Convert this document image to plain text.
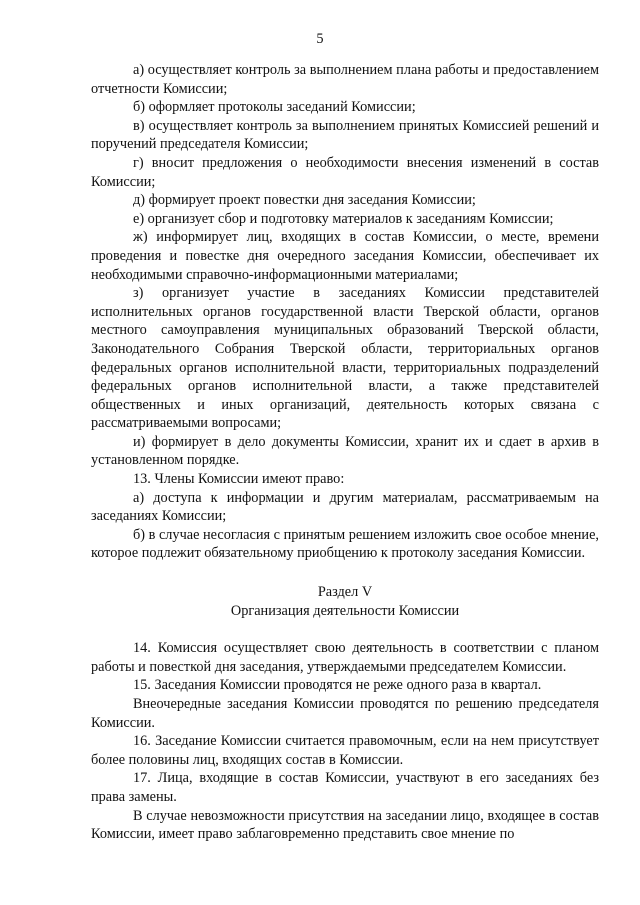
5

а) осуществляет контроль за выполнением плана работы и предоставлением отчетности Комиссии;

б) оформляет протоколы заседаний Комиссии;

в) осуществляет контроль за выполнением принятых Комиссией решений и поручений председателя Комиссии;

г) вносит предложения о необходимости внесения изменений в состав Комиссии;

д) формирует проект повестки дня заседания Комиссии;

е) организует сбор и подготовку материалов к заседаниям Комиссии;

ж) информирует лиц, входящих в состав Комиссии, о месте, времени проведения и повестке дня очередного заседания Комиссии, обеспечивает их необходимыми справочно-информационными материалами;

з) организует участие в заседаниях Комиссии представителей исполнительных органов государственной власти Тверской области, органов местного самоуправления муниципальных образований Тверской области, Законодательного Собрания Тверской области, территориальных органов федеральных органов исполнительной власти, территориальных подразделений федеральных органов исполнительной власти, а также представителей общественных и иных организаций, деятельность которых связана с рассматриваемыми вопросами;

и) формирует в дело документы Комиссии, хранит их и сдает в архив в установленном порядке.

13. Члены Комиссии имеют право:

а) доступа к информации и другим материалам, рассматриваемым на заседаниях Комиссии;

б) в случае несогласия с принятым решением изложить свое особое мнение, которое подлежит обязательному приобщению к протоколу заседания Комиссии.

Раздел V

Организация деятельности Комиссии

14. Комиссия осуществляет свою деятельность в соответствии с планом работы и повесткой дня заседания, утверждаемыми председателем Комиссии.

15. Заседания Комиссии проводятся не реже одного раза в квартал.

Внеочередные заседания Комиссии проводятся по решению председателя Комиссии.

16. Заседание Комиссии считается правомочным, если на нем присутствует более половины лиц, входящих состав в Комиссии.

17. Лица, входящие в состав Комиссии, участвуют в его заседаниях без права замены.

В случае невозможности присутствия на заседании лицо, входящее в состав Комиссии, имеет право заблаговременно представить свое мнение по
